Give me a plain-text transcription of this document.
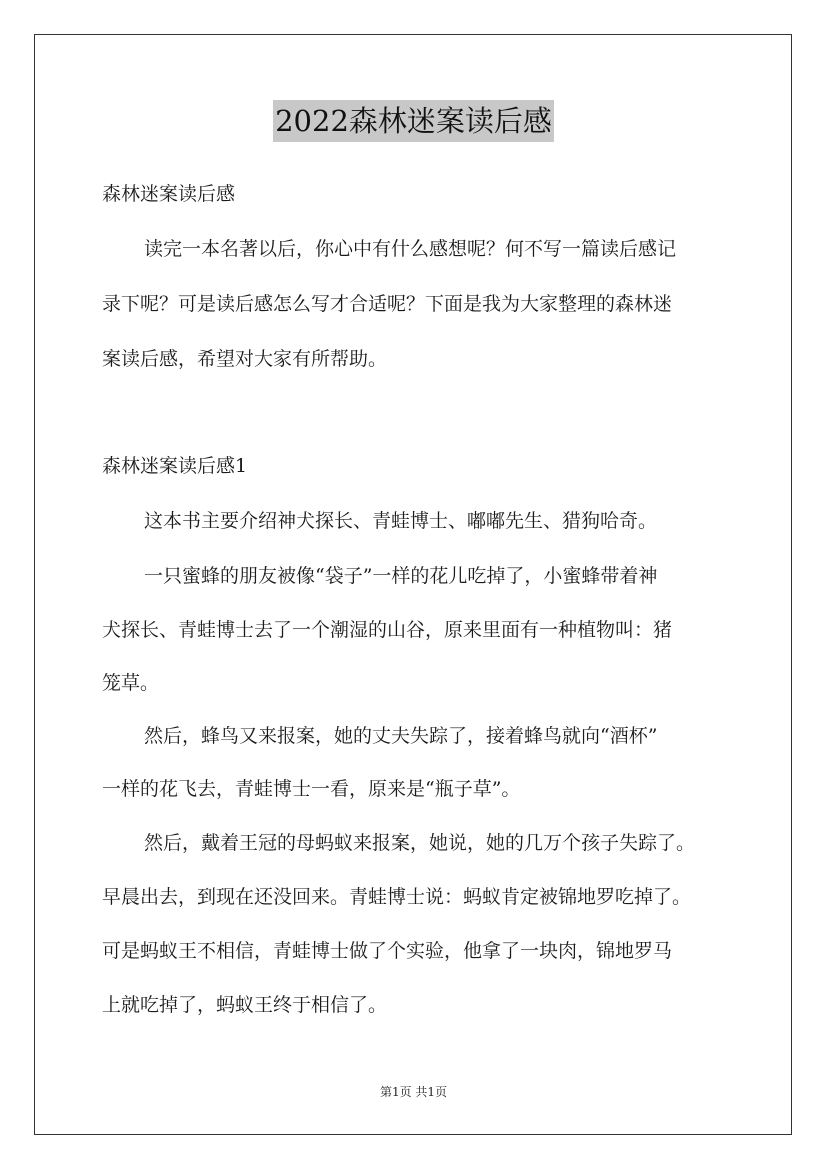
2022森林迷案读后感
森林迷案读后感
读完一本名著以后，你心中有什么感想呢？何不写一篇读后感记
录下呢？可是读后感怎么写才合适呢？下面是我为大家整理的森林迷
案读后感，希望对大家有所帮助。
森林迷案读后感1
这本书主要介绍神犬探长、青蛙博士、嘟嘟先生、猎狗哈奇。
一只蜜蜂的朋友被像“袋子”一样的花儿吃掉了，小蜜蜂带着神
犬探长、青蛙博士去了一个潮湿的山谷，原来里面有一种植物叫：猪
笼草。
然后，蜂鸟又来报案，她的丈夫失踪了，接着蜂鸟就向“酒杯”
一样的花飞去，青蛙博士一看，原来是“瓶子草”。
然后，戴着王冠的母蚂蚁来报案，她说，她的几万个孩子失踪了。
早晨出去，到现在还没回来。青蛙博士说：蚂蚁肯定被锦地罗吃掉了。
可是蚂蚁王不相信，青蛙博士做了个实验，他拿了一块肉，锦地罗马
上就吃掉了，蚂蚁王终于相信了。
第1页 共1页
